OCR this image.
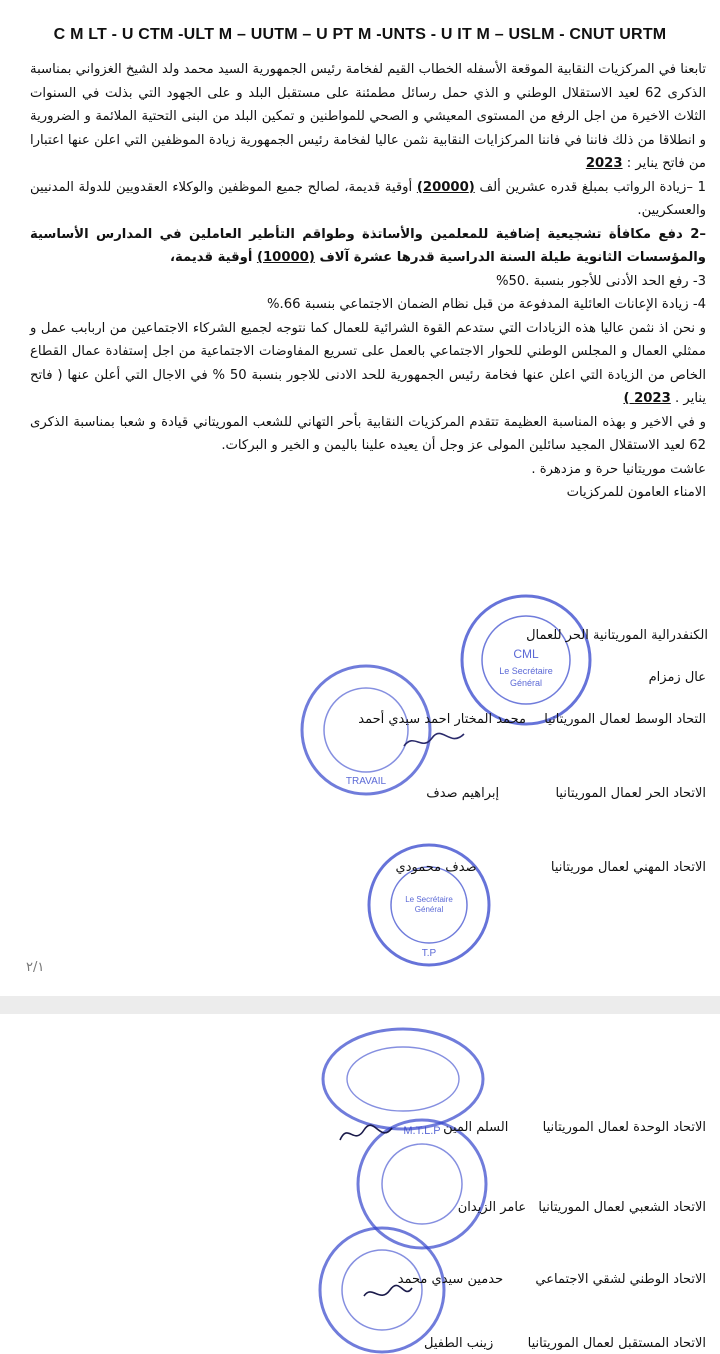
C M LT - U CTM -ULT M – UUTM – U PT M -UNTS - U IT M – USLM - CNUT URTM

تابعنا في المركزيات النقابية الموقعة الأسفله الخطاب القيم لفخامة رئيس الجمهورية السيد محمد ولد الشيخ الغزواني بمناسبة الذكرى 62 لعيد الاستقلال الوطني و الذي حمل رسائل مطمئنة على مستقبل البلد و على الجهود التي بذلت في السنوات الثلاث الاخيرة من اجل الرفع من المستوى المعيشي و الصحي للمواطنين و تمكين البلد من البنى التحتية الملائمة و الضرورية و انطلاقا من ذلك فاننا في فاننا المركزايات النقابية نثمن عاليا لفخامة رئيس الجمهورية زيادة الموظفين التي اعلن عنها اعتبارا من فاتح يناير : 2023

1 –زيادة الرواتب بمبلغ قدره عشرين ألف (20000) أوقية قديمة، لصالح جميع الموظفين والوكلاء العقدويين للدولة المدنيين والعسكريين.

–2 دفع مكافأة تشجيعية إضافية للمعلمين والأساتذة وطواقم التأطير العاملين في المدارس الأساسية والمؤسسات الثانوية طيلة السنة الدراسية قدرها عشرة آلاف (10000) أوقية قديمة،

3- رفع الحد الأدنى للأجور بنسبة .50%

4- زيادة الإعانات العائلية المدفوعة من قبل نظام الضمان الاجتماعي بنسبة 66.%

و نحن اذ نثمن عاليا هذه الزيادات التي ستدعم القوة الشرائية للعمال كما نتوجه لجميع الشركاء الاجتماعين من اربابب عمل و ممثلي العمال و المجلس الوطني للحوار الاجتماعي بالعمل على تسريع المفاوضات الاجتماعية من اجل إستفادة عمال القطاع الخاص من الزيادة التي اعلن عنها فخامة رئيس الجمهورية للحد الادنى للاجور بنسبة 50 % في الاجال التي أعلن عنها ( فاتح يناير . 2023 )

و في الاخير و بهذه المناسبة العظيمة تتقدم المركزيات النقابية بأحر التهاني للشعب الموريتاني قيادة و شعبا بمناسبة الذكرى 62 لعيد الاستقلال المجيد سائلين المولى عز وجل أن يعيده علينا باليمن و الخير و البركات.

عاشت موريتانيا حرة و مزدهرة .

الامناء العامون للمركزيات

CML
Le Secrétaire
Général
TRAVAIL
Le Secrétaire
Général
T.P
الكنفدرالية الموريتانية الحر للعمال
عال زمزام
التحاد الوسط لعمال الموريتانيا  محمد المختار احمد سيدي أحمد
الاتحاد الحر لعمال الموريتانيا  إبراهيم صدف
الاتحاد المهني لعمال موريتانيا  صدف محمودي
٢/١
M.T.L.P	الاتحاد الوحدة لعمال الموريتانيا  السلم المين
الاتحاد الشعبي لعمال الموريتانيا  عامر الزيدان
الاتحاد الوطني لشقي الاجتماعي  حدمين سيدي محمد
الاتحاد المستقبل لعمال الموريتانيا  زينب الطفيل
